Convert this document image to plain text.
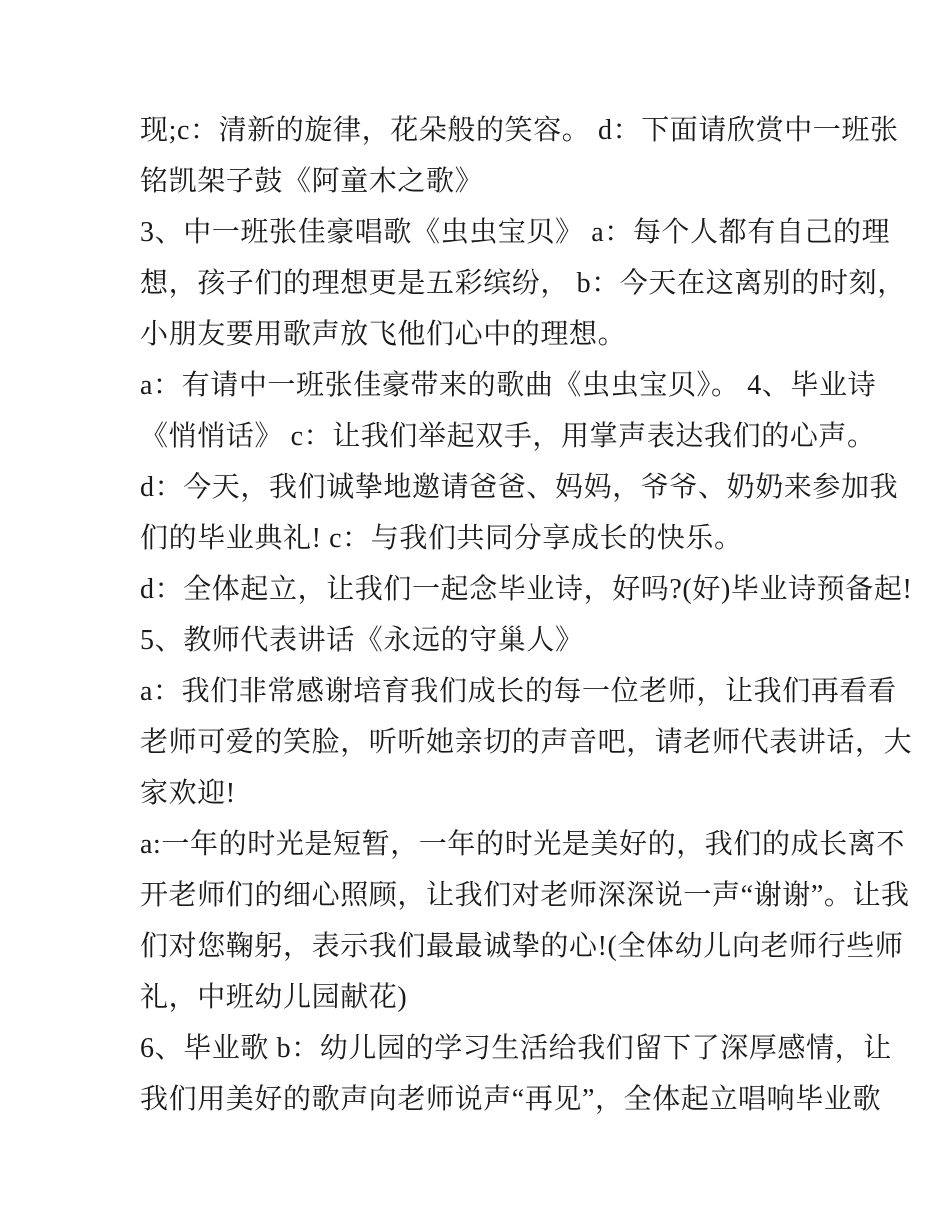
现;c：清新的旋律，花朵般的笑容。 d：下面请欣赏中一班张

铭凯架子鼓《阿童木之歌》

3、中一班张佳豪唱歌《虫虫宝贝》 a：每个人都有自己的理

想，孩子们的理想更是五彩缤纷， b：今天在这离别的时刻，

小朋友要用歌声放飞他们心中的理想。

a：有请中一班张佳豪带来的歌曲《虫虫宝贝》。 4、毕业诗

《悄悄话》 c：让我们举起双手，用掌声表达我们的心声。

d：今天，我们诚挚地邀请爸爸、妈妈，爷爷、奶奶来参加我

们的毕业典礼! c：与我们共同分享成长的快乐。

d：全体起立，让我们一起念毕业诗，好吗?(好)毕业诗预备起!

5、教师代表讲话《永远的守巢人》

a：我们非常感谢培育我们成长的每一位老师，让我们再看看

老师可爱的笑脸，听听她亲切的声音吧，请老师代表讲话，大

家欢迎!

a:一年的时光是短暂，一年的时光是美好的，我们的成长离不

开老师们的细心照顾，让我们对老师深深说一声“谢谢”。让我

们对您鞠躬，表示我们最最诚挚的心!(全体幼儿向老师行些师

礼，中班幼儿园献花)

6、毕业歌 b：幼儿园的学习生活给我们留下了深厚感情，让

我们用美好的歌声向老师说声“再见”，全体起立唱响毕业歌
